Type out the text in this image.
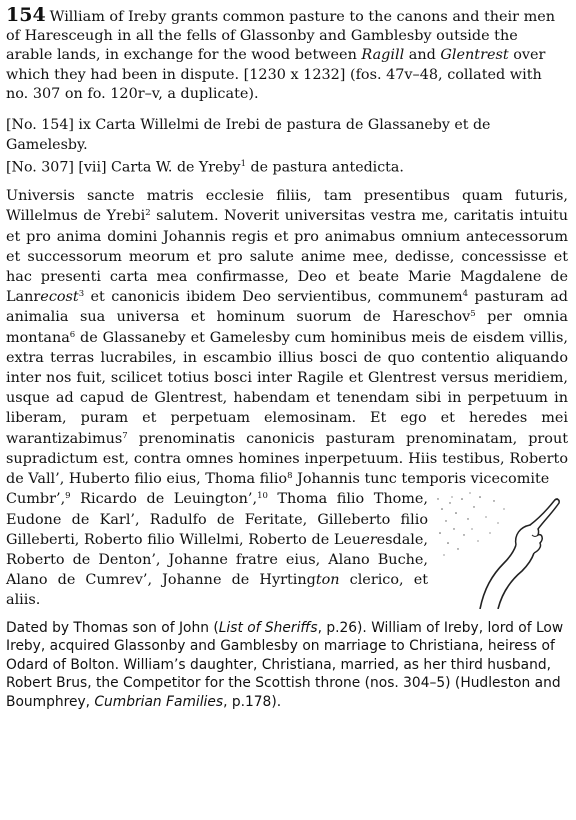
154 William of Ireby grants common pasture to the canons and their men of Haresceugh in all the fells of Glassonby and Gamblesby outside the arable lands, in exchange for the wood between Ragill and Glentrest over which they had been in dispute. [1230 x 1232] (fos. 47v–48, collated with no. 307 on fo. 120r–v, a duplicate).

[No. 154] ix Carta Willelmi de Irebi de pastura de Glassaneby et de Gamelesby.

[No. 307] [vii] Carta W. de Yreby$^1$ de pastura antedicta.

Universis sancte matris ecclesie filiis, tam presentibus quam futuris, Willelmus de Yrebi$^2$ salutem. Noverit universitas vestra me, caritatis intuitu et pro anima domini Johannis regis et pro animabus omnium antecessorum et successorum meorum et pro salute anime mee, dedisse, concessisse et hac presenti carta mea confirmasse, Deo et beate Marie Magdalene de Lanrecost$^3$ et canonicis ibidem Deo servientibus, communem$^4$ pasturam ad animalia sua universa et hominum suorum de Hareschov$^5$ per omnia montana$^6$ de Glassaneby et Gamelesby cum hominibus meis de eisdem villis, extra terras lucrabiles, in escambio illius bosci de quo contentio aliquando inter nos fuit, scilicet totius bosci inter Ragile et Glentrest versus meridiem, usque ad capud de Glentrest, habendam et tenendam sibi in perpetuum in liberam, puram et perpetuam elemosinam. Et ego et heredes mei warantizabimus$^7$ prenominatis canonicis pasturam prenominatam, prout supradictum est, contra omnes homines inperpetuum. Hiis testibus, Roberto de Vall’, Huberto filio eius, Thoma filio$^8$ Johannis tunc temporis vicecomite

Cumbr’,$^9$ Ricardo de Leuington’,$^{10}$ Thoma filio Thome, Eudone de Karl’, Radulfo de Feritate, Gilleberto filio Gilleberti, Roberto filio Willelmi, Roberto de Leueresdale, Roberto de Denton’, Johanne fratre eius, Alano Buche, Alano de Cumrev’, Johanne de Hyrtington clerico, et aliis.

Dated by Thomas son of John (List of Sheriffs, p.26). William of Ireby, lord of Low Ireby, acquired Glassonby and Gamblesby on marriage to Christiana, heiress of Odard of Bolton. William’s daughter, Christiana, married, as her third husband, Robert Brus, the Competitor for the Scottish throne (nos. 304–5) (Hudleston and Boumphrey, Cumbrian Families, p.178).
